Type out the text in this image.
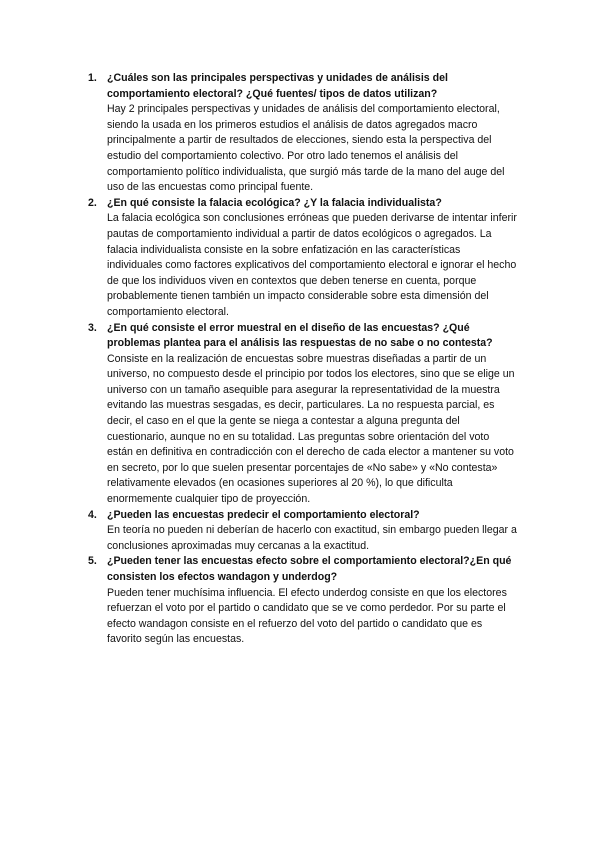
1. ¿Cuáles son las principales perspectivas y unidades de análisis del comportamiento electoral? ¿Qué fuentes/ tipos de datos utilizan?

Hay 2 principales perspectivas y unidades de análisis del comportamiento electoral, siendo la usada en los primeros estudios el análisis de datos agregados macro principalmente a partir de resultados de elecciones, siendo esta la perspectiva del estudio del comportamiento colectivo. Por otro lado tenemos el análisis del comportamiento político individualista, que surgió más tarde de la mano del auge del uso de las encuestas como principal fuente.

2. ¿En qué consiste la falacia ecológica? ¿Y la falacia individualista?

La falacia ecológica son conclusiones erróneas que pueden derivarse de intentar inferir pautas de comportamiento individual a partir de datos ecológicos o agregados. La falacia individualista consiste en la sobre enfatización en las características individuales como factores explicativos del comportamiento electoral e ignorar el hecho de que los individuos viven en contextos que deben tenerse en cuenta, porque probablemente tienen también un impacto considerable sobre esta dimensión del comportamiento electoral.

3. ¿En qué consiste el error muestral en el diseño de las encuestas? ¿Qué problemas plantea para el análisis las respuestas de no sabe o no contesta?

Consiste en la realización de encuestas sobre muestras diseñadas a partir de un universo, no compuesto desde el principio por todos los electores, sino que se elige un universo con un tamaño asequible para asegurar la representatividad de la muestra evitando las muestras sesgadas, es decir, particulares. La no respuesta parcial, es decir, el caso en el que la gente se niega a contestar a alguna pregunta del cuestionario, aunque no en su totalidad. Las preguntas sobre orientación del voto están en definitiva en contradicción con el derecho de cada elector a mantener su voto en secreto, por lo que suelen presentar porcentajes de «No sabe» y «No contesta» relativamente elevados (en ocasiones superiores al 20 %), lo que dificulta enormemente cualquier tipo de proyección.

4. ¿Pueden las encuestas predecir el comportamiento electoral?

En teoría no pueden ni deberían de hacerlo con exactitud, sin embargo pueden llegar a conclusiones aproximadas muy cercanas a la exactitud.

5. ¿Pueden tener las encuestas efecto sobre el comportamiento electoral?¿En qué consisten los efectos wandagon y underdog?

Pueden tener muchísima influencia. El efecto underdog consiste en que los electores refuerzan el voto por el partido o candidato que se ve como perdedor. Por su parte el efecto wandagon consiste en el refuerzo del voto del partido o candidato que es favorito según las encuestas.
